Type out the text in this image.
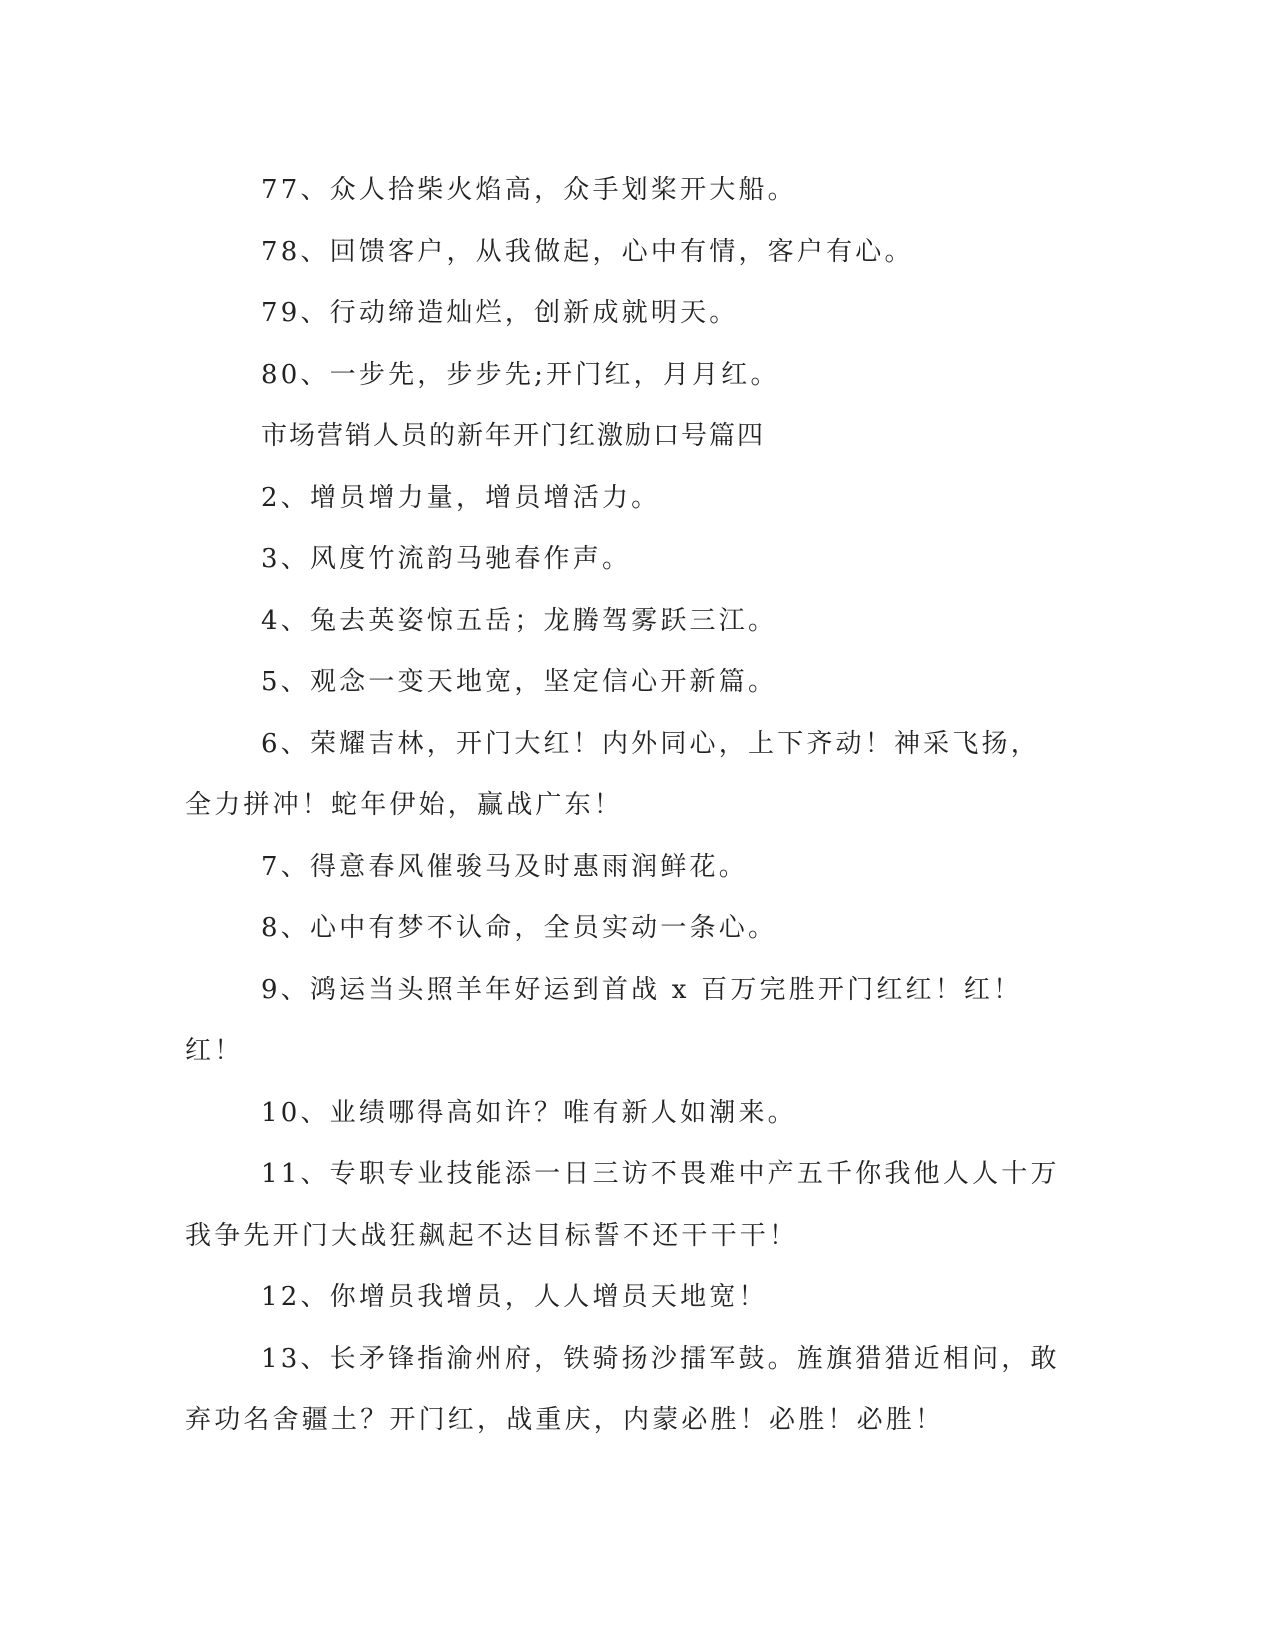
77、众人拾柴火焰高，众手划桨开大船。

78、回馈客户，从我做起，心中有情，客户有心。

79、行动缔造灿烂，创新成就明天。

80、一步先，步步先;开门红，月月红。

市场营销人员的新年开门红激励口号篇四

2、增员增力量，增员增活力。

3、风度竹流韵马驰春作声。

4、兔去英姿惊五岳；龙腾驾雾跃三江。

5、观念一变天地宽，坚定信心开新篇。

6、荣耀吉林，开门大红！内外同心，上下齐动！神采飞扬，全力拼冲！蛇年伊始，赢战广东！

7、得意春风催骏马及时惠雨润鲜花。

8、心中有梦不认命，全员实动一条心。

9、鸿运当头照羊年好运到首战 x 百万完胜开门红红！红！红！

10、业绩哪得高如许？唯有新人如潮来。

11、专职专业技能添一日三访不畏难中产五千你我他人人十万我争先开门大战狂飙起不达目标誓不还干干干！

12、你增员我增员，人人增员天地宽！

13、长矛锋指渝州府，铁骑扬沙擂军鼓。旌旗猎猎近相问，敢弃功名舍疆土？开门红，战重庆，内蒙必胜！必胜！必胜！
